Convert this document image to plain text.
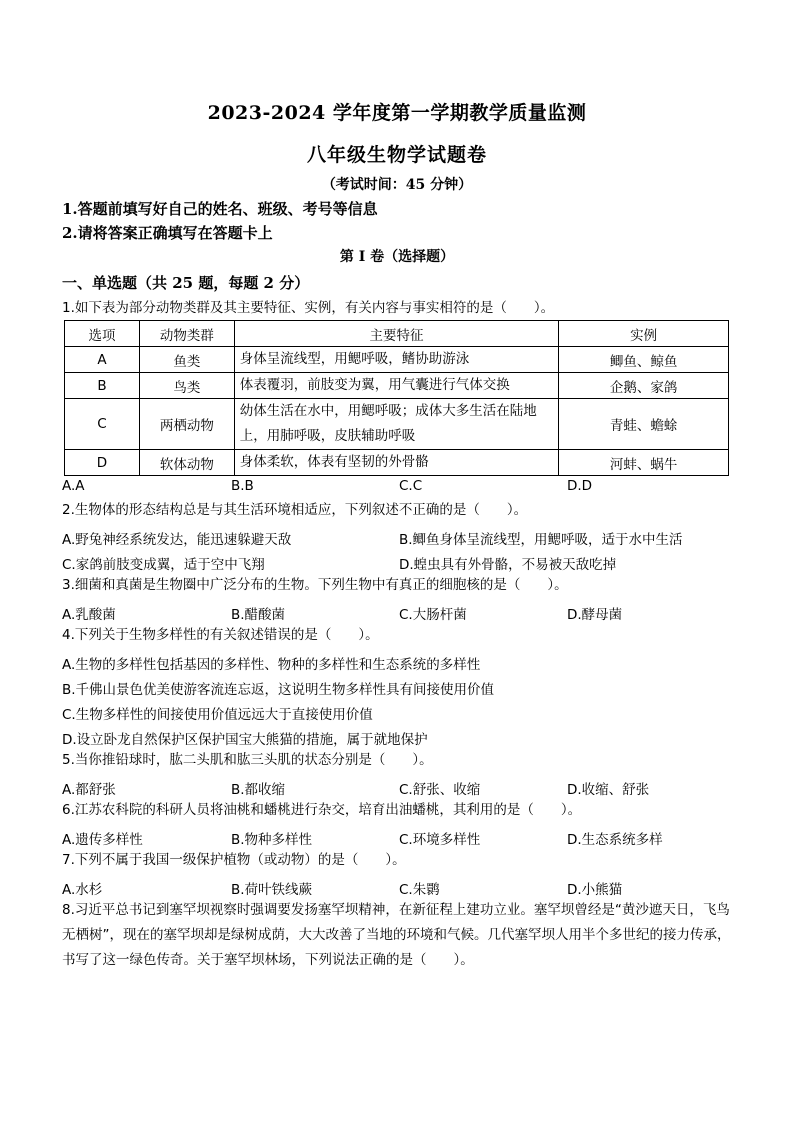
2023-2024 学年度第一学期教学质量监测
八年级生物学试题卷
（考试时间：45 分钟）
1.答题前填写好自己的姓名、班级、考号等信息
2.请将答案正确填写在答题卡上
第 I 卷（选择题）
一、单选题（共 25 题，每题 2 分）
1.如下表为部分动物类群及其主要特征、实例，有关内容与事实相符的是（　　）。
选项	动物类群	主要特征	实例
A	鱼类	身体呈流线型，用鳃呼吸，鳍协助游泳	鲫鱼、鲸鱼
B	鸟类	体表覆羽，前肢变为翼，用气囊进行气体交换	企鹅、家鸽
C	两栖动物	幼体生活在水中，用鳃呼吸；成体大多生活在陆地上，用肺呼吸，皮肤辅助呼吸	青蛙、蟾蜍
D	软体动物	身体柔软，体表有坚韧的外骨骼	河蚌、蜗牛
A.A	B.B	C.C	D.D
2.生物体的形态结构总是与其生活环境相适应，下列叙述不正确的是（　　）。
A.野兔神经系统发达，能迅速躲避天敌	B.鲫鱼身体呈流线型，用鳃呼吸，适于水中生活
C.家鸽前肢变成翼，适于空中飞翔	D.蝗虫具有外骨骼，不易被天敌吃掉
3.细菌和真菌是生物圈中广泛分布的生物。下列生物中有真正的细胞核的是（　　）。
A.乳酸菌	B.醋酸菌	C.大肠杆菌	D.酵母菌
4.下列关于生物多样性的有关叙述错误的是（　　）。
A.生物的多样性包括基因的多样性、物种的多样性和生态系统的多样性
B.千佛山景色优美使游客流连忘返，这说明生物多样性具有间接使用价值
C.生物多样性的间接使用价值远远大于直接使用价值
D.设立卧龙自然保护区保护国宝大熊猫的措施，属于就地保护
5.当你推铅球时，肱二头肌和肱三头肌的状态分别是（　　）。
A.都舒张	B.都收缩	C.舒张、收缩	D.收缩、舒张
6.江苏农科院的科研人员将油桃和蟠桃进行杂交，培育出油蟠桃，其利用的是（　　）。
A.遗传多样性	B.物种多样性	C.环境多样性	D.生态系统多样
7.下列不属于我国一级保护植物（或动物）的是（　　）。
A.水杉	B.荷叶铁线蕨	C.朱鹮	D.小熊猫
8.习近平总书记到塞罕坝视察时强调要发扬塞罕坝精神，在新征程上建功立业。塞罕坝曾经是“黄沙遮天日，飞鸟无栖树”，现在的塞罕坝却是绿树成荫，大大改善了当地的环境和气候。几代塞罕坝人用半个多世纪的接力传承，书写了这一绿色传奇。关于塞罕坝林场，下列说法正确的是（　　）。
